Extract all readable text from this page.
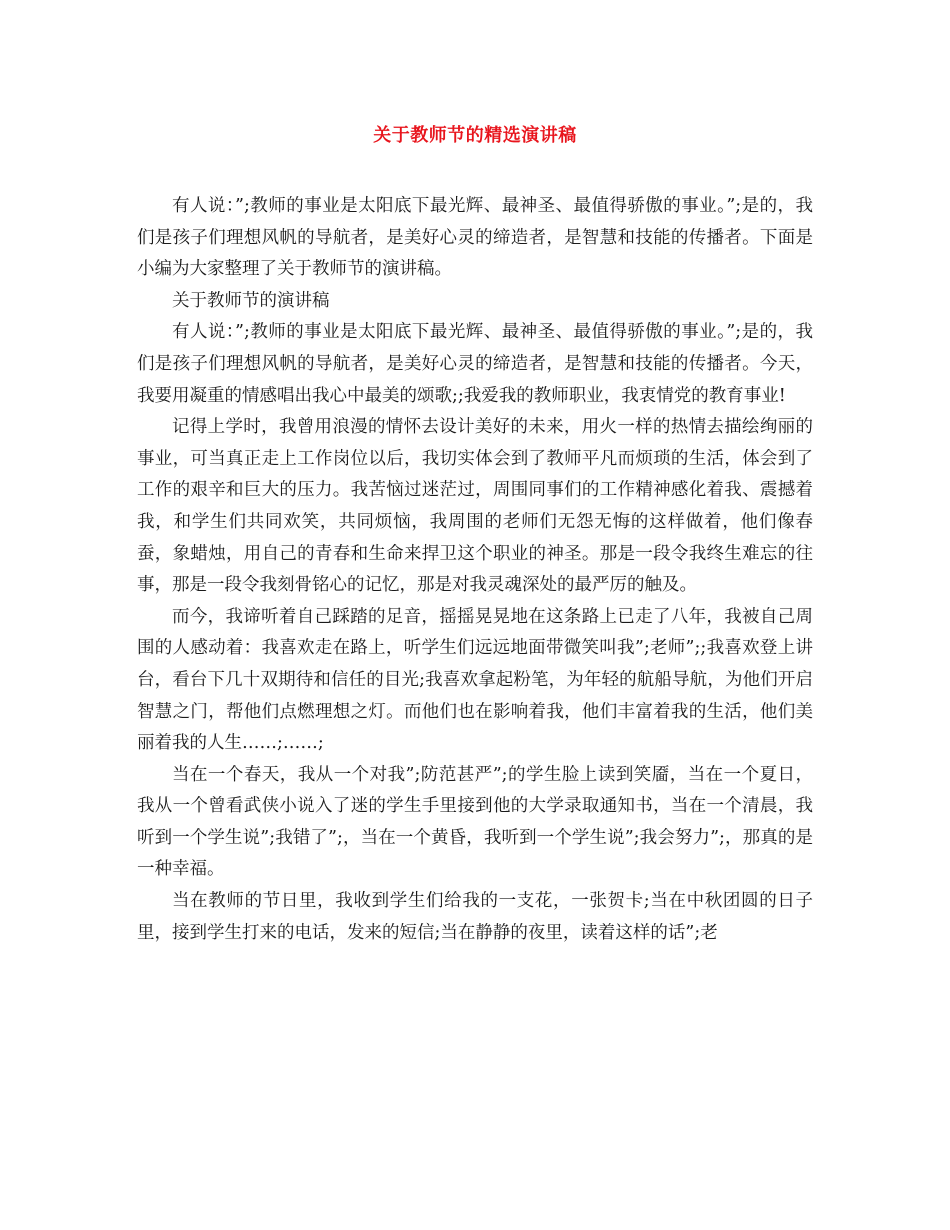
关于教师节的精选演讲稿

有人说：”;教师的事业是太阳底下最光辉、最神圣、最值得骄傲的事业。”;是的，我们是孩子们理想风帆的导航者，是美好心灵的缔造者，是智慧和技能的传播者。下面是小编为大家整理了关于教师节的演讲稿。

关于教师节的演讲稿

有人说：”;教师的事业是太阳底下最光辉、最神圣、最值得骄傲的事业。”;是的，我们是孩子们理想风帆的导航者，是美好心灵的缔造者，是智慧和技能的传播者。今天，我要用凝重的情感唱出我心中最美的颂歌;;我爱我的教师职业，我衷情党的教育事业!

记得上学时，我曾用浪漫的情怀去设计美好的未来，用火一样的热情去描绘绚丽的事业，可当真正走上工作岗位以后，我切实体会到了教师平凡而烦琐的生活，体会到了工作的艰辛和巨大的压力。我苦恼过迷茫过，周围同事们的工作精神感化着我、震撼着我，和学生们共同欢笑，共同烦恼，我周围的老师们无怨无悔的这样做着，他们像春蚕，象蜡烛，用自己的青春和生命来捍卫这个职业的神圣。那是一段令我终生难忘的往事，那是一段令我刻骨铭心的记忆，那是对我灵魂深处的最严厉的触及。

而今，我谛听着自己踩踏的足音，摇摇晃晃地在这条路上已走了八年，我被自己周围的人感动着：我喜欢走在路上，听学生们远远地面带微笑叫我”;老师”;;我喜欢登上讲台，看台下几十双期待和信任的目光;我喜欢拿起粉笔，为年轻的航船导航，为他们开启智慧之门，帮他们点燃理想之灯。而他们也在影响着我，他们丰富着我的生活，他们美丽着我的人生……;……;

当在一个春天，我从一个对我”;防范甚严”;的学生脸上读到笑靥，当在一个夏日，我从一个曾看武侠小说入了迷的学生手里接到他的大学录取通知书，当在一个清晨，我听到一个学生说”;我错了”;，当在一个黄昏，我听到一个学生说”;我会努力”;，那真的是一种幸福。

当在教师的节日里，我收到学生们给我的一支花，一张贺卡;当在中秋团圆的日子里，接到学生打来的电话，发来的短信;当在静静的夜里，读着这样的话”;老
